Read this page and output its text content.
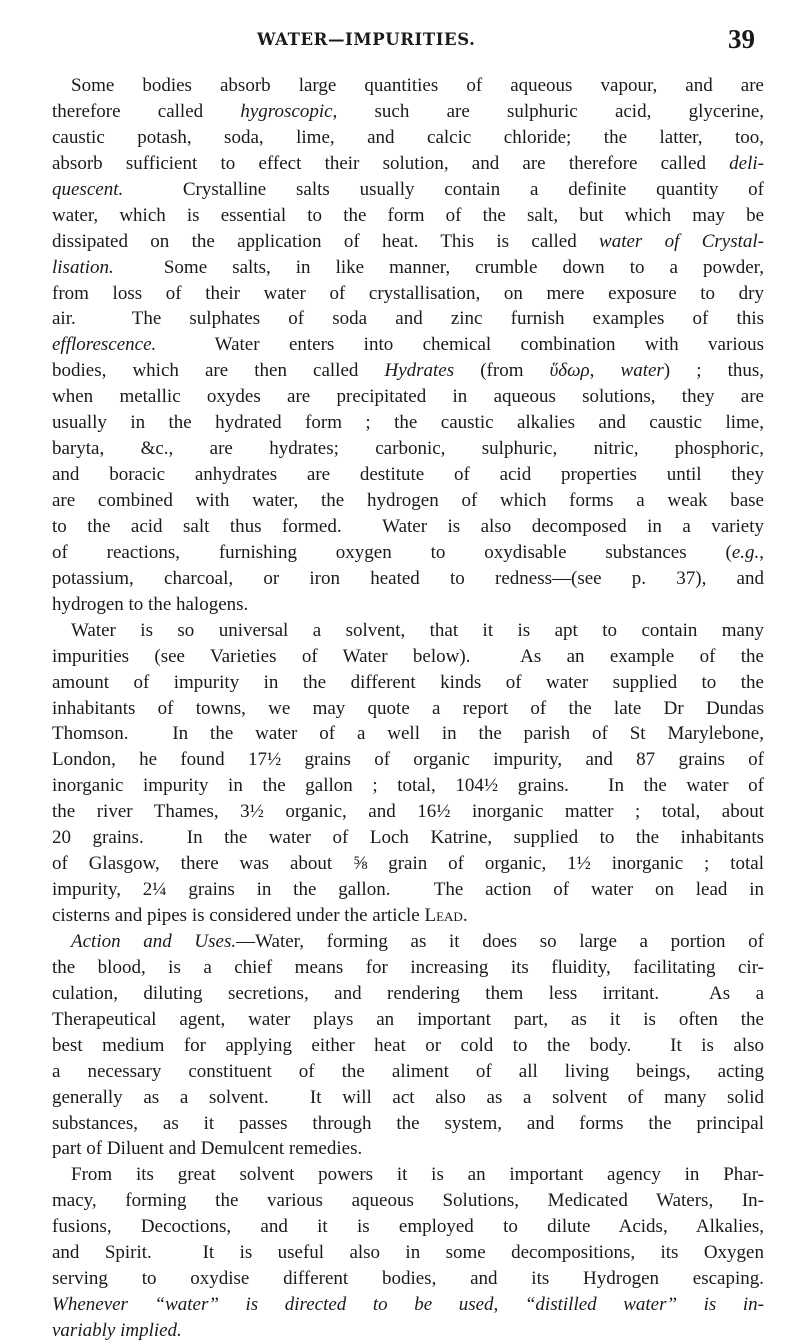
WATER—IMPURITIES.	39
Some bodies absorb large quantities of aqueous vapour, and are
therefore called hygroscopic, such are sulphuric acid, glycerine,
caustic potash, soda, lime, and calcic chloride; the latter, too,
absorb sufficient to effect their solution, and are therefore called deli-
quescent.  Crystalline salts usually contain a definite quantity of
water, which is essential to the form of the salt, but which may be
dissipated on the application of heat. This is called water of Crystal-
lisation.  Some salts, in like manner, crumble down to a powder,
from loss of their water of crystallisation, on mere exposure to dry
air.  The sulphates of soda and zinc furnish examples of this
efflorescence.  Water enters into chemical combination with various
bodies, which are then called Hydrates (from ὕδωρ, water) ; thus,
when metallic oxydes are precipitated in aqueous solutions, they are
usually in the hydrated form ; the caustic alkalies and caustic lime,
baryta, &c., are hydrates; carbonic, sulphuric, nitric, phosphoric,
and boracic anhydrates are destitute of acid properties until they
are combined with water, the hydrogen of which forms a weak base
to the acid salt thus formed.  Water is also decomposed in a variety
of reactions, furnishing oxygen to oxydisable substances (e.g.,
potassium, charcoal, or iron heated to redness—(see p. 37), and
hydrogen to the halogens.
Water is so universal a solvent, that it is apt to contain many
impurities (see Varieties of Water below).  As an example of the
amount of impurity in the different kinds of water supplied to the
inhabitants of towns, we may quote a report of the late Dr Dundas
Thomson.  In the water of a well in the parish of St Marylebone,
London, he found 17½ grains of organic impurity, and 87 grains of
inorganic impurity in the gallon ; total, 104½ grains.  In the water of
the river Thames, 3½ organic, and 16½ inorganic matter ; total, about
20 grains.  In the water of Loch Katrine, supplied to the inhabitants
of Glasgow, there was about ⅝ grain of organic, 1½ inorganic ; total
impurity, 2¼ grains in the gallon.  The action of water on lead in
cisterns and pipes is considered under the article Lead.
Action and Uses.—Water, forming as it does so large a portion of
the blood, is a chief means for increasing its fluidity, facilitating cir-
culation, diluting secretions, and rendering them less irritant.  As a
Therapeutical agent, water plays an important part, as it is often the
best medium for applying either heat or cold to the body.  It is also
a necessary constituent of the aliment of all living beings, acting
generally as a solvent.  It will act also as a solvent of many solid
substances, as it passes through the system, and forms the principal
part of Diluent and Demulcent remedies.
From its great solvent powers it is an important agency in Phar-
macy, forming the various aqueous Solutions, Medicated Waters, In-
fusions, Decoctions, and it is employed to dilute Acids, Alkalies,
and Spirit.  It is useful also in some decompositions, its Oxygen
serving to oxydise different bodies, and its Hydrogen escaping.
Whenever “water” is directed to be used, “distilled water” is in-
variably implied.
